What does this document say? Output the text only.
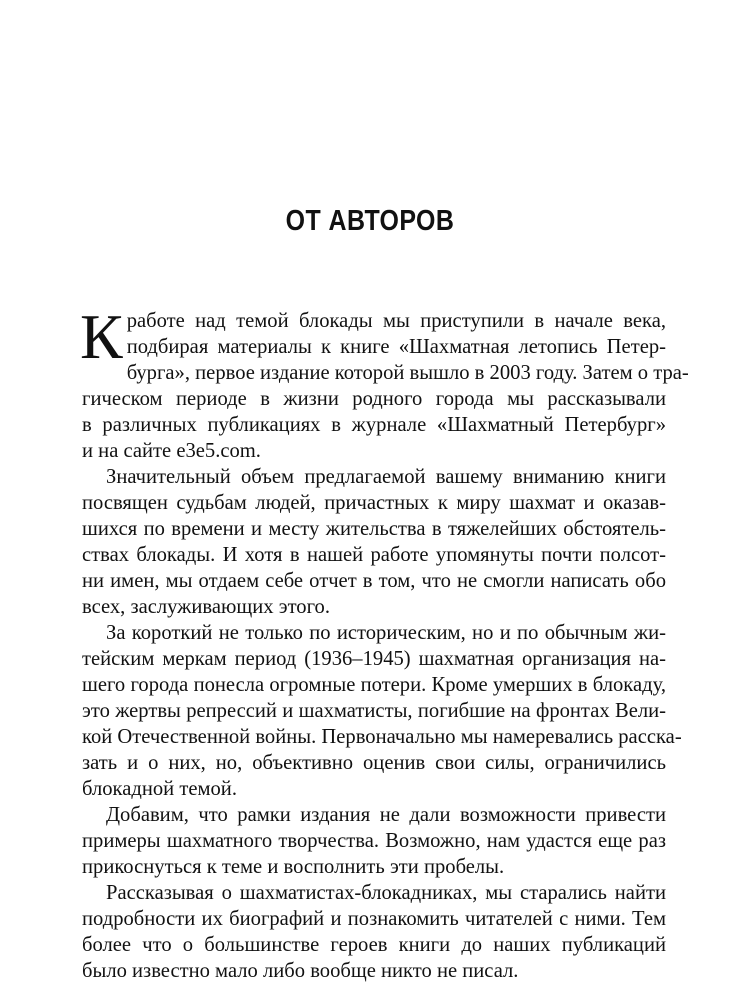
ОТ АВТОРОВ
К работе над темой блокады мы приступили в начале века,
подбирая материалы к книге «Шахматная летопись Петер-
бурга», первое издание которой вышло в 2003 году. Затем о тра-
гическом периоде в жизни родного города мы рассказывали
в различных публикациях в журнале «Шахматный Петербург»
и на сайте e3e5.com.

Значительный объем предлагаемой вашему вниманию книги

посвящен судьбам людей, причастных к миру шахмат и оказав-

шихся по времени и месту жительства в тяжелейших обстоятель-

ствах блокады. И хотя в нашей работе упомянуты почти полсот-

ни имен, мы отдаем себе отчет в том, что не смогли написать обо

всех, заслуживающих этого.

За короткий не только по историческим, но и по обычным жи-

тейским меркам период (1936–1945) шахматная организация на-

шего города понесла огромные потери. Кроме умерших в блокаду,

это жертвы репрессий и шахматисты, погибшие на фронтах Вели-

кой Отечественной войны. Первоначально мы намеревались расска-

зать и о них, но, объективно оценив свои силы, ограничились

блокадной темой.

Добавим, что рамки издания не дали возможности привести

примеры шахматного творчества. Возможно, нам удастся еще раз

прикоснуться к теме и восполнить эти пробелы.

Рассказывая о шахматистах-блокадниках, мы старались найти

подробности их биографий и познакомить читателей с ними. Тем

более что о большинстве героев книги до наших публикаций

было известно мало либо вообще никто не писал.
